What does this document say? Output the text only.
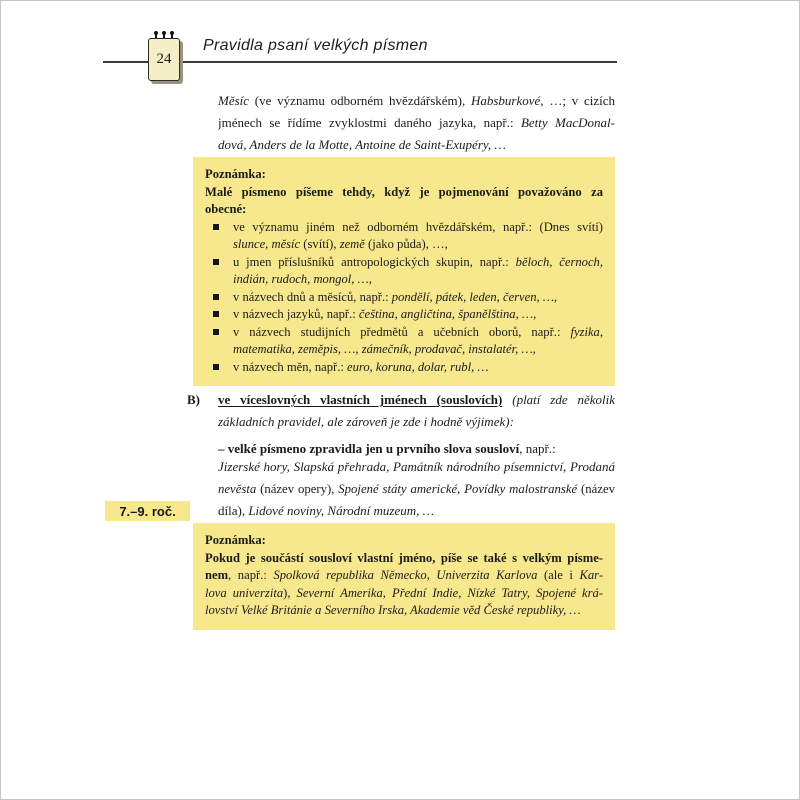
24
Pravidla psaní velkých písmen
Měsíc (ve významu odborném hvězdářském), Habsburkové, …; v cizích
jménech se řídíme zvyklostmi daného jazyka, např.: Betty MacDonal-
dová, Anders de la Motte, Antoine de Saint-Exupéry, …
Poznámka:
Malé písmeno píšeme tehdy, když je pojmenování považováno za
obecné:
ve významu jiném než odborném hvězdářském, např.: (Dnes svítí)
slunce, měsíc (svítí), země (jako půda), …,
u jmen příslušníků antropologických skupin, např.: běloch, černoch,
indián, rudoch, mongol, …,
v názvech dnů a měsíců, např.: pondělí, pátek, leden, červen, …,
v názvech jazyků, např.: čeština, angličtina, španělština, …,
v názvech studijních předmětů a učebních oborů, např.: fyzika,
matematika, zeměpis, …, zámečník, prodavač, instalatér, …,
v názvech měn, např.: euro, koruna, dolar, rubl, …
B) ve víceslovných vlastních jménech (souslovích) (platí zde několik
základních pravidel, ale zároveň je zde i hodně výjimek):
– velké písmeno zpravidla jen u prvního slova sousloví, např.:
Jizerské hory, Slapská přehrada, Památník národního písemnictví, Prodaná
nevěsta (název opery), Spojené státy americké, Povídky malostranské (název
díla), Lidové noviny, Národní muzeum, …
7.–9. roč.
Poznámka:
Pokud je součástí sousloví vlastní jméno, píše se také s velkým písme-
nem, např.: Spolková republika Německo, Univerzita Karlova (ale i Kar-
lova univerzita), Severní Amerika, Přední Indie, Nízké Tatry, Spojené krá-
lovství Velké Británie a Severního Irska, Akademie věd České republiky, …
